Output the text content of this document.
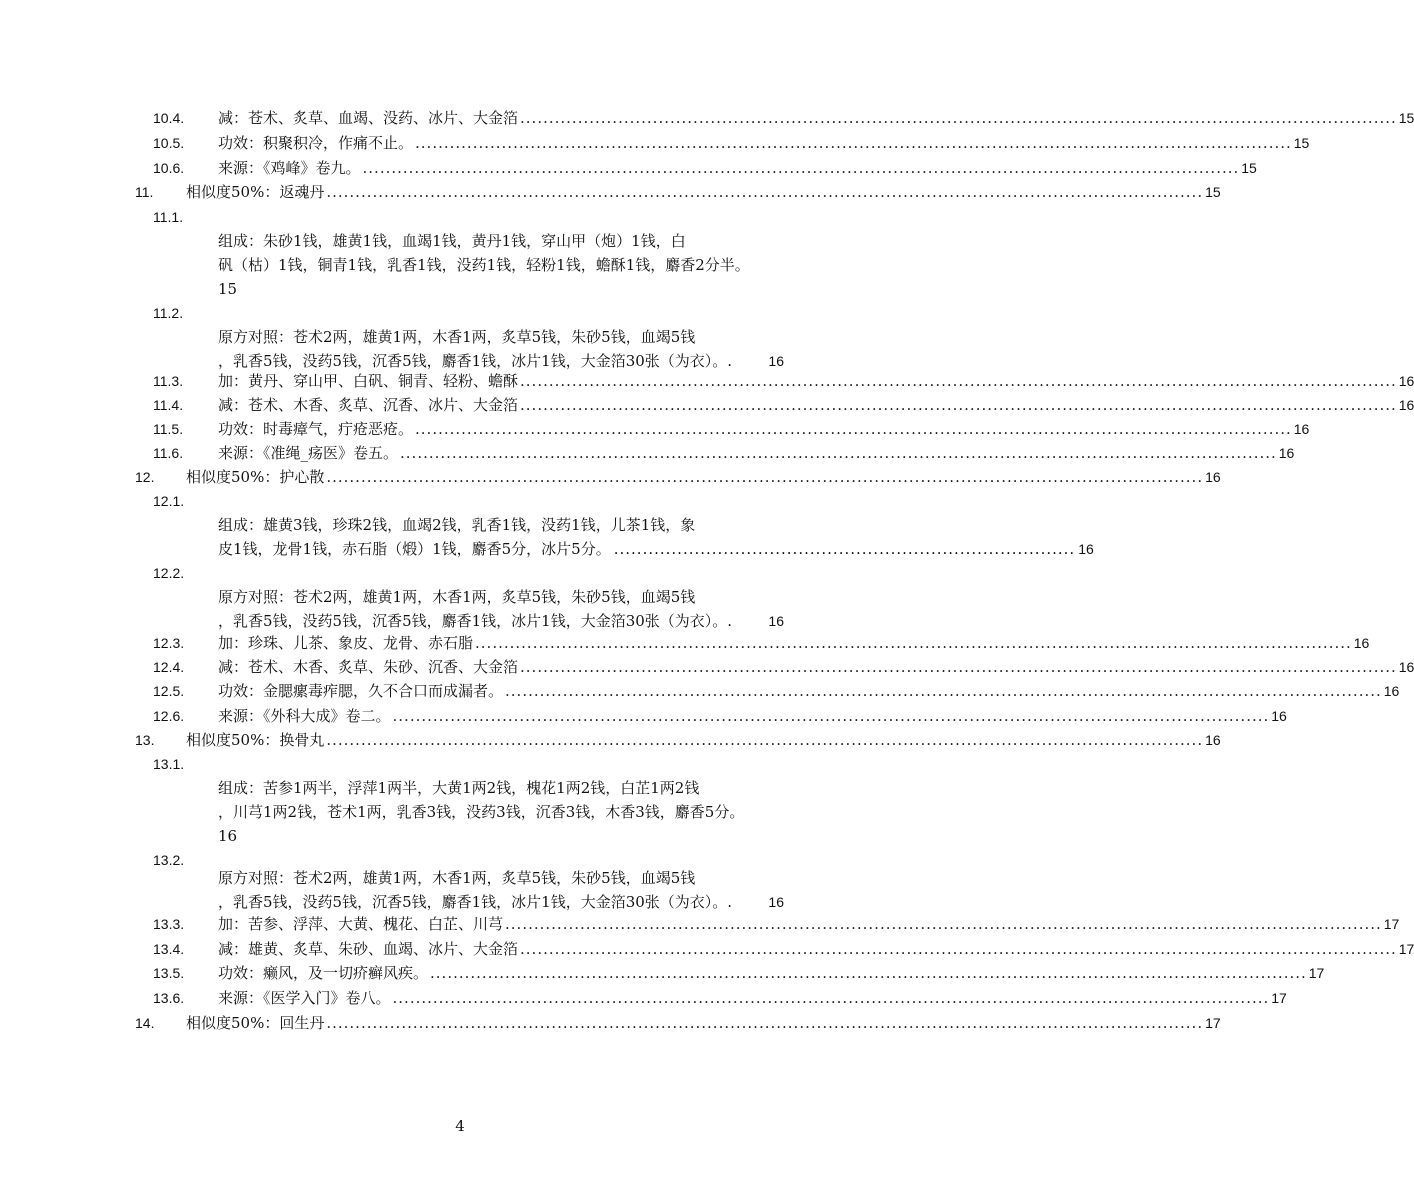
10.4. 减：苍术、炙草、血竭、没药、冰片、大金箔 .....	15
10.5. 功效：积聚积冷，作痛不止。 .....	15
10.6. 来源：《鸡峰》卷九。 .....	15
11. 相似度50%：返魂丹 .....	15
11.1.
组成：朱砂1钱，雄黄1钱，血竭1钱，黄丹1钱，穿山甲（炮）1钱，白
矾（枯）1钱，铜青1钱，乳香1钱，没药1钱，轻粉1钱，蟾酥1钱，麝香2分半。
15
11.2.
原方对照：苍术2两，雄黄1两，木香1两，炙草5钱，朱砂5钱，血竭5钱
，乳香5钱，没药5钱，沉香5钱，麝香1钱，冰片1钱，大金箔30张（为衣）。.	16
11.3. 加：黄丹、穿山甲、白矾、铜青、轻粉、蟾酥 .....	16
11.4. 减：苍术、木香、炙草、沉香、冰片、大金箔 .....	16
11.5. 功效：时毒瘴气，疔疮恶疮。 .....	16
11.6. 来源：《准绳_疡医》卷五。 .....	16
12. 相似度50%：护心散 .....	16
12.1.
组成：雄黄3钱，珍珠2钱，血竭2钱，乳香1钱，没药1钱，儿茶1钱，象
皮1钱，龙骨1钱，赤石脂（煅）1钱，麝香5分，冰片5分。 ................................................................................ 16
12.2.
原方对照：苍术2两，雄黄1两，木香1两，炙草5钱，朱砂5钱，血竭5钱
，乳香5钱，没药5钱，沉香5钱，麝香1钱，冰片1钱，大金箔30张（为衣）。.	16
12.3. 加：珍珠、儿茶、象皮、龙骨、赤石脂 .....	16
12.4. 减：苍术、木香、炙草、朱砂、沉香、大金箔 .....	16
12.5. 功效：金腮瘰毒痄腮，久不合口而成漏者。 .....	16
12.6. 来源：《外科大成》卷二。 .....	16
13. 相似度50%：换骨丸 .....	16
13.1.
组成：苦参1两半，浮萍1两半，大黄1两2钱，槐花1两2钱，白芷1两2钱
，川芎1两2钱，苍术1两，乳香3钱，没药3钱，沉香3钱，木香3钱，麝香5分。
16
13.2.
原方对照：苍术2两，雄黄1两，木香1两，炙草5钱，朱砂5钱，血竭5钱
，乳香5钱，没药5钱，沉香5钱，麝香1钱，冰片1钱，大金箔30张（为衣）。.	16
13.3. 加：苦参、浮萍、大黄、槐花、白芷、川芎 .....	17
13.4. 减：雄黄、炙草、朱砂、血竭、冰片、大金箔 .....	17
13.5. 功效：癞风，及一切疥癣风疾。 .....	17
13.6. 来源：《医学入门》卷八。 .....	17
14. 相似度50%：回生丹 .....	17
4
